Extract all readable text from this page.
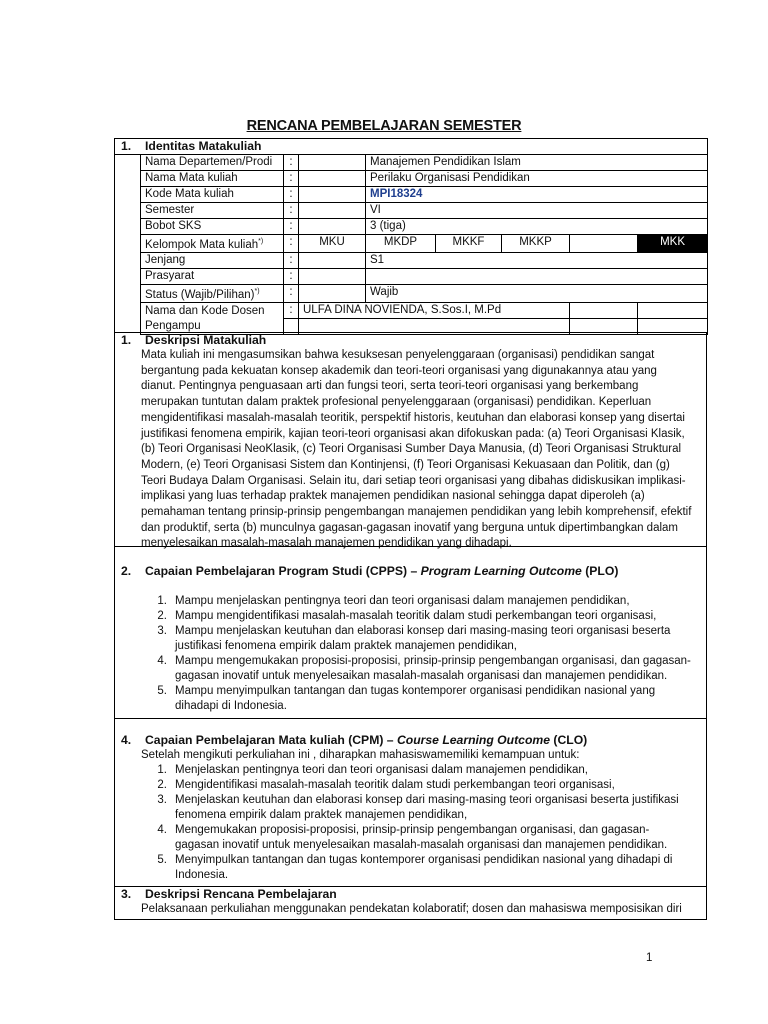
RENCANA PEMBELAJARAN SEMESTER
1. Identitas Matakuliah								
	Nama Departemen/Prodi	:		Manajemen Pendidikan Islam				
	Nama Mata kuliah	:		Perilaku Organisasi Pendidikan				
	Kode Mata kuliah	:		MPI18324				
	Semester	:		VI				
	Bobot SKS	:		3 (tiga)				
	Kelompok Mata kuliah*)	:	MKU	MKDP	MKKF	MKKP		MKK
	Jenjang	:		S1				
	Prasyarat	:						
	Status (Wajib/Pilihan)*)	:		Wajib				
	Nama dan Kode Dosen Pengampu	:	ULFA DINA NOVIENDA, S.Sos.I, M.Pd					

1. Deskripsi Matakuliah
Mata kuliah ini mengasumsikan bahwa kesuksesan penyelenggaraan (organisasi) pendidikan sangat
bergantung pada kekuatan konsep akademik dan teori-teori organisasi yang digunakannya atau yang
dianut. Pentingnya penguasaan arti dan fungsi teori, serta teori-teori organisasi yang berkembang
merupakan tuntutan dalam praktek profesional penyelenggaraan (organisasi) pendidikan. Keperluan
mengidentifikasi masalah-masalah teoritik, perspektif historis, keutuhan dan elaborasi konsep yang disertai
justifikasi fenomena empirik, kajian teori-teori organisasi akan difokuskan pada: (a) Teori Organisasi Klasik,
(b) Teori Organisasi NeoKlasik, (c) Teori Organisasi Sumber Daya Manusia, (d) Teori Organisasi Struktural
Modern, (e) Teori Organisasi Sistem dan Kontinjensi, (f) Teori Organisasi Kekuasaan dan Politik, dan (g)
Teori Budaya Dalam Organisasi. Selain itu, dari setiap teori organisasi yang dibahas didiskusikan implikasi-
implikasi yang luas terhadap praktek manajemen pendidikan nasional sehingga dapat diperoleh (a)
pemahaman tentang prinsip-prinsip pengembangan manajemen pendidikan yang lebih komprehensif, efektif
dan produktif, serta (b) munculnya gagasan-gagasan inovatif yang berguna untuk dipertimbangkan dalam
menyelesaikan masalah-masalah manajemen pendidikan yang dihadapi.
2. Capaian Pembelajaran Program Studi (CPPS) – Program Learning Outcome (PLO)
1. Mampu menjelaskan pentingnya teori dan teori organisasi dalam manajemen pendidikan,
2. Mampu mengidentifikasi masalah-masalah teoritik dalam studi perkembangan teori organisasi,
3. Mampu menjelaskan keutuhan dan elaborasi konsep dari masing-masing teori organisasi beserta
justifikasi fenomena empirik dalam praktek manajemen pendidikan,
4. Mampu mengemukakan proposisi-proposisi, prinsip-prinsip pengembangan organisasi, dan gagasan-
gagasan inovatif untuk menyelesaikan masalah-masalah organisasi dan manajemen pendidikan.
5. Mampu menyimpulkan tantangan dan tugas kontemporer organisasi pendidikan nasional yang
dihadapi di Indonesia.
4. Capaian Pembelajaran Mata kuliah (CPM) – Course Learning Outcome (CLO)
Setelah mengikuti perkuliahan ini , diharapkan mahasiswamemiliki kemampuan untuk:
1. Menjelaskan pentingnya teori dan teori organisasi dalam manajemen pendidikan,
2. Mengidentifikasi masalah-masalah teoritik dalam studi perkembangan teori organisasi,
3. Menjelaskan keutuhan dan elaborasi konsep dari masing-masing teori organisasi beserta justifikasi
fenomena empirik dalam praktek manajemen pendidikan,
4. Mengemukakan proposisi-proposisi, prinsip-prinsip pengembangan organisasi, dan gagasan-
gagasan inovatif untuk menyelesaikan masalah-masalah organisasi dan manajemen pendidikan.
5. Menyimpulkan tantangan dan tugas kontemporer organisasi pendidikan nasional yang dihadapi di
Indonesia.
3. Deskripsi Rencana Pembelajaran
Pelaksanaan perkuliahan menggunakan pendekatan kolaboratif; dosen dan mahasiswa memposisikan diri
1
